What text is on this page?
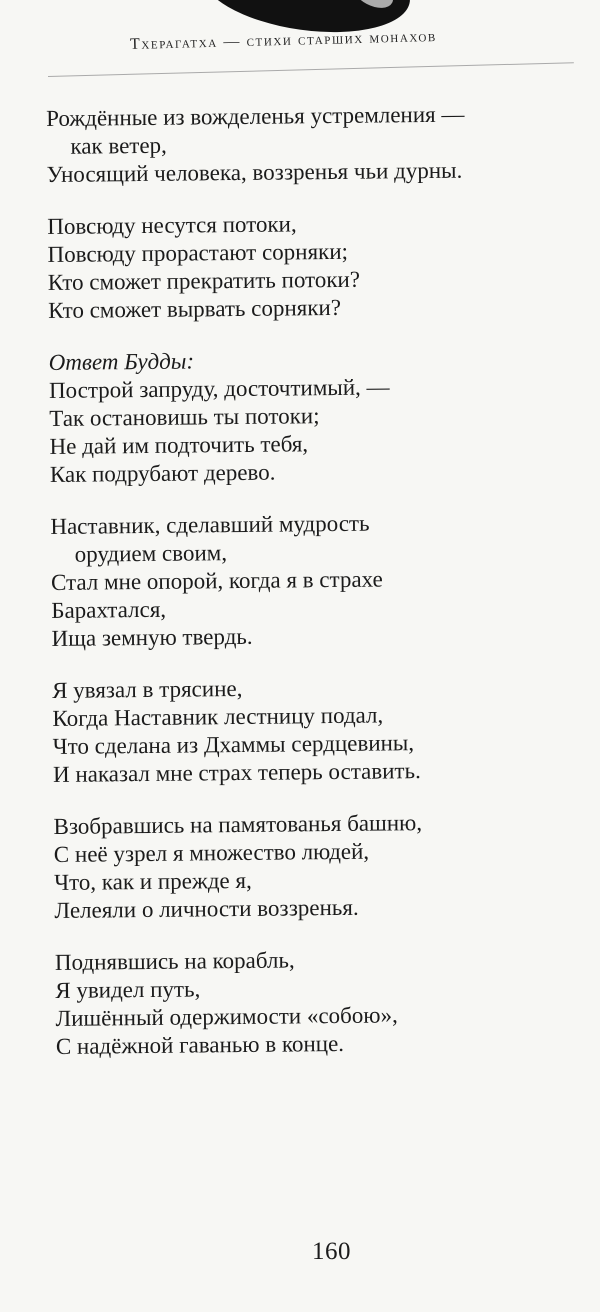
Тхерагатха — стихи старших монахов
Рождённые из вожделенья устремления —
как ветер,
Уносящий человека, воззренья чьи дурны.
Повсюду несутся потоки,
Повсюду прорастают сорняки;
Кто сможет прекратить потоки?
Кто сможет вырвать сорняки?
Ответ Будды:
Построй запруду, досточтимый, —
Так остановишь ты потоки;
Не дай им подточить тебя,
Как подрубают дерево.
Наставник, сделавший мудрость
орудием своим,
Стал мне опорой, когда я в страхе
Барахтался,
Ища земную твердь.
Я увязал в трясине,
Когда Наставник лестницу подал,
Что сделана из Дхаммы сердцевины,
И наказал мне страх теперь оставить.
Взобравшись на памятованья башню,
С неё узрел я множество людей,
Что, как и прежде я,
Лелеяли о личности воззренья.
Поднявшись на корабль,
Я увидел путь,
Лишённый одержимости «собою»,
С надёжной гаванью в конце.
160
